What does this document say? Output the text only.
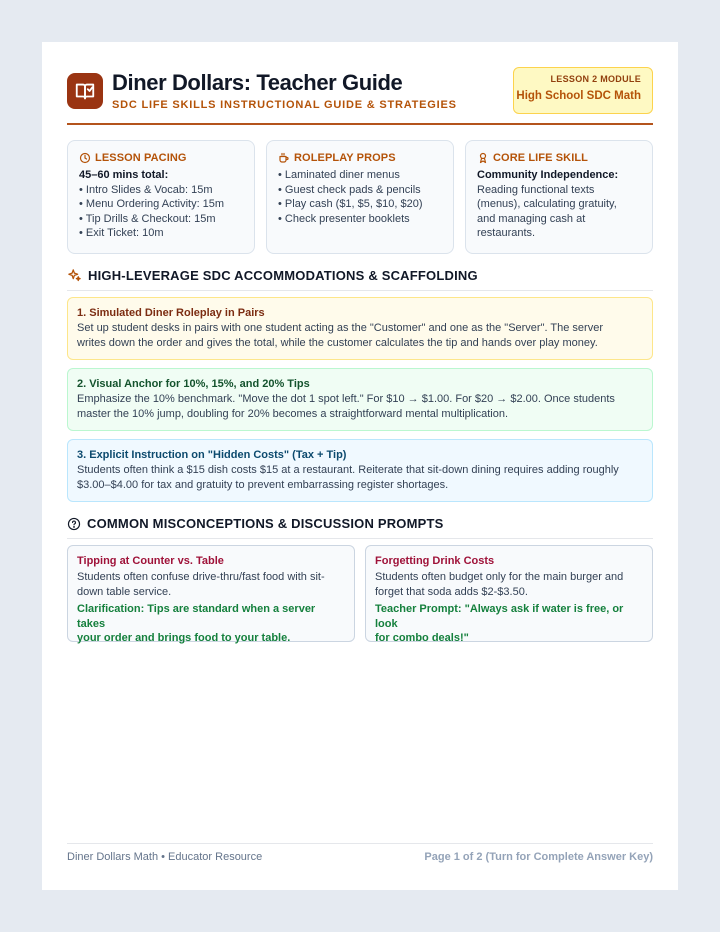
Diner Dollars: Teacher Guide
SDC LIFE SKILLS INSTRUCTIONAL GUIDE & STRATEGIES
LESSON 2 MODULE
High School SDC Math
LESSON PACING
45–60 mins total:
• Intro Slides & Vocab: 15m
• Menu Ordering Activity: 15m
• Tip Drills & Checkout: 15m
• Exit Ticket: 10m
ROLEPLAY PROPS
• Laminated diner menus
• Guest check pads & pencils
• Play cash ($1, $5, $10, $20)
• Check presenter booklets
CORE LIFE SKILL
Community Independence:
Reading functional texts
(menus), calculating gratuity,
and managing cash at
restaurants.
HIGH-LEVERAGE SDC ACCOMMODATIONS & SCAFFOLDING
1. Simulated Diner Roleplay in Pairs
Set up student desks in pairs with one student acting as the "Customer" and one as the "Server". The server
writes down the order and gives the total, while the customer calculates the tip and hands over play money.
2. Visual Anchor for 10%, 15%, and 20% Tips
Emphasize the 10% benchmark. "Move the dot 1 spot left." For $10 → $1.00. For $20 → $2.00. Once students
master the 10% jump, doubling for 20% becomes a straightforward mental multiplication.
3. Explicit Instruction on "Hidden Costs" (Tax + Tip)
Students often think a $15 dish costs $15 at a restaurant. Reiterate that sit-down dining requires adding roughly
$3.00–$4.00 for tax and gratuity to prevent embarrassing register shortages.
COMMON MISCONCEPTIONS & DISCUSSION PROMPTS
Tipping at Counter vs. Table
Students often confuse drive-thru/fast food with sit-
down table service.
Clarification: Tips are standard when a server takes
your order and brings food to your table.
Forgetting Drink Costs
Students often budget only for the main burger and
forget that soda adds $2-$3.50.
Teacher Prompt: "Always ask if water is free, or look
for combo deals!"
Diner Dollars Math • Educator Resource	Page 1 of 2 (Turn for Complete Answer Key)
